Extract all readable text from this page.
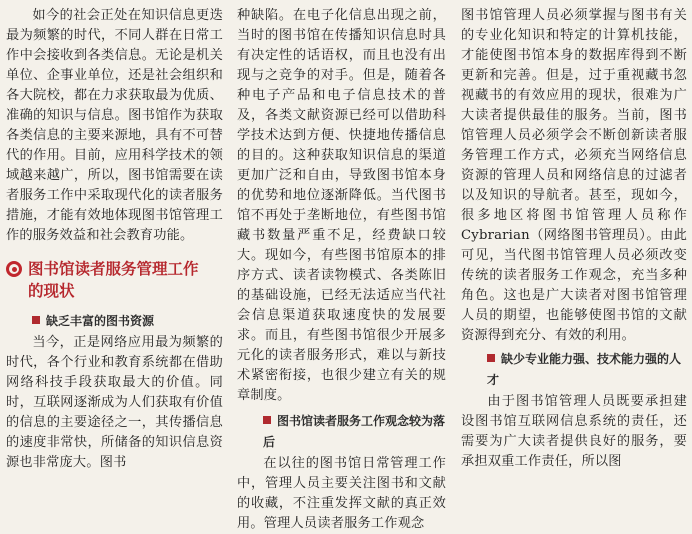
如今的社会正处在知识信息更迭最为频繁的时代，不同人群在日常工作中会接收到各类信息。无论是机关单位、企事业单位，还是社会组织和各大院校，都在力求获取最为优质、准确的知识与信息。图书馆作为获取各类信息的主要来源地，具有不可替代的作用。目前，应用科学技术的领域越来越广，所以，图书馆需要在读者服务工作中采取现代化的读者服务措施，才能有效地体现图书馆管理工作的服务效益和社会教育功能。

图书馆读者服务管理工作
的现状
缺乏丰富的图书资源

当今，正是网络应用最为频繁的时代，各个行业和教育系统都在借助网络科技手段获取最大的价值。同时，互联网逐渐成为人们获取有价值的信息的主要途径之一，其传播信息的速度非常快，所储备的知识信息资源也非常庞大。图书

种缺陷。在电子化信息出现之前，当时的图书馆在传播知识信息时具有决定性的话语权，而且也没有出现与之竞争的对手。但是，随着各种电子产品和电子信息技术的普及，各类文献资源已经可以借助科学技术达到方便、快捷地传播信息的目的。这种获取知识信息的渠道更加广泛和自由，导致图书馆本身的优势和地位逐渐降低。当代图书馆不再处于垄断地位，有些图书馆藏书数量严重不足，经费缺口较大。现如今，有些图书馆原本的排序方式、读者读物模式、各类陈旧的基础设施，已经无法适应当代社会信息渠道获取速度快的发展要求。而且，有些图书馆很少开展多元化的读者服务形式，难以与新技术紧密衔接，也很少建立有关的规章制度。

图书馆读者服务工作观念较为落后

在以往的图书馆日常管理工作中，管理人员主要关注图书和文献的收藏，不注重发挥文献的真正效用。管理人员读者服务工作观念

图书馆管理人员必须掌握与图书有关的专业化知识和特定的计算机技能，才能使图书馆本身的数据库得到不断更新和完善。但是，过于重视藏书忽视藏书的有效应用的现状，很难为广大读者提供最佳的服务。当前，图书馆管理人员必须学会不断创新读者服务管理工作方式，必须充当网络信息资源的管理人员和网络信息的过滤者以及知识的导航者。甚至，现如今，很多地区将图书馆管理人员称作Cybrarian（网络图书管理员）。由此可见，当代图书馆管理人员必须改变传统的读者服务工作观念，充当多种角色。这也是广大读者对图书馆管理人员的期望，也能够使图书馆的文献资源得到充分、有效的利用。

缺少专业能力强、技术能力强的人才

由于图书馆管理人员既要承担建设图书馆互联网信息系统的责任，还需要为广大读者提供良好的服务，要承担双重工作责任，所以图
